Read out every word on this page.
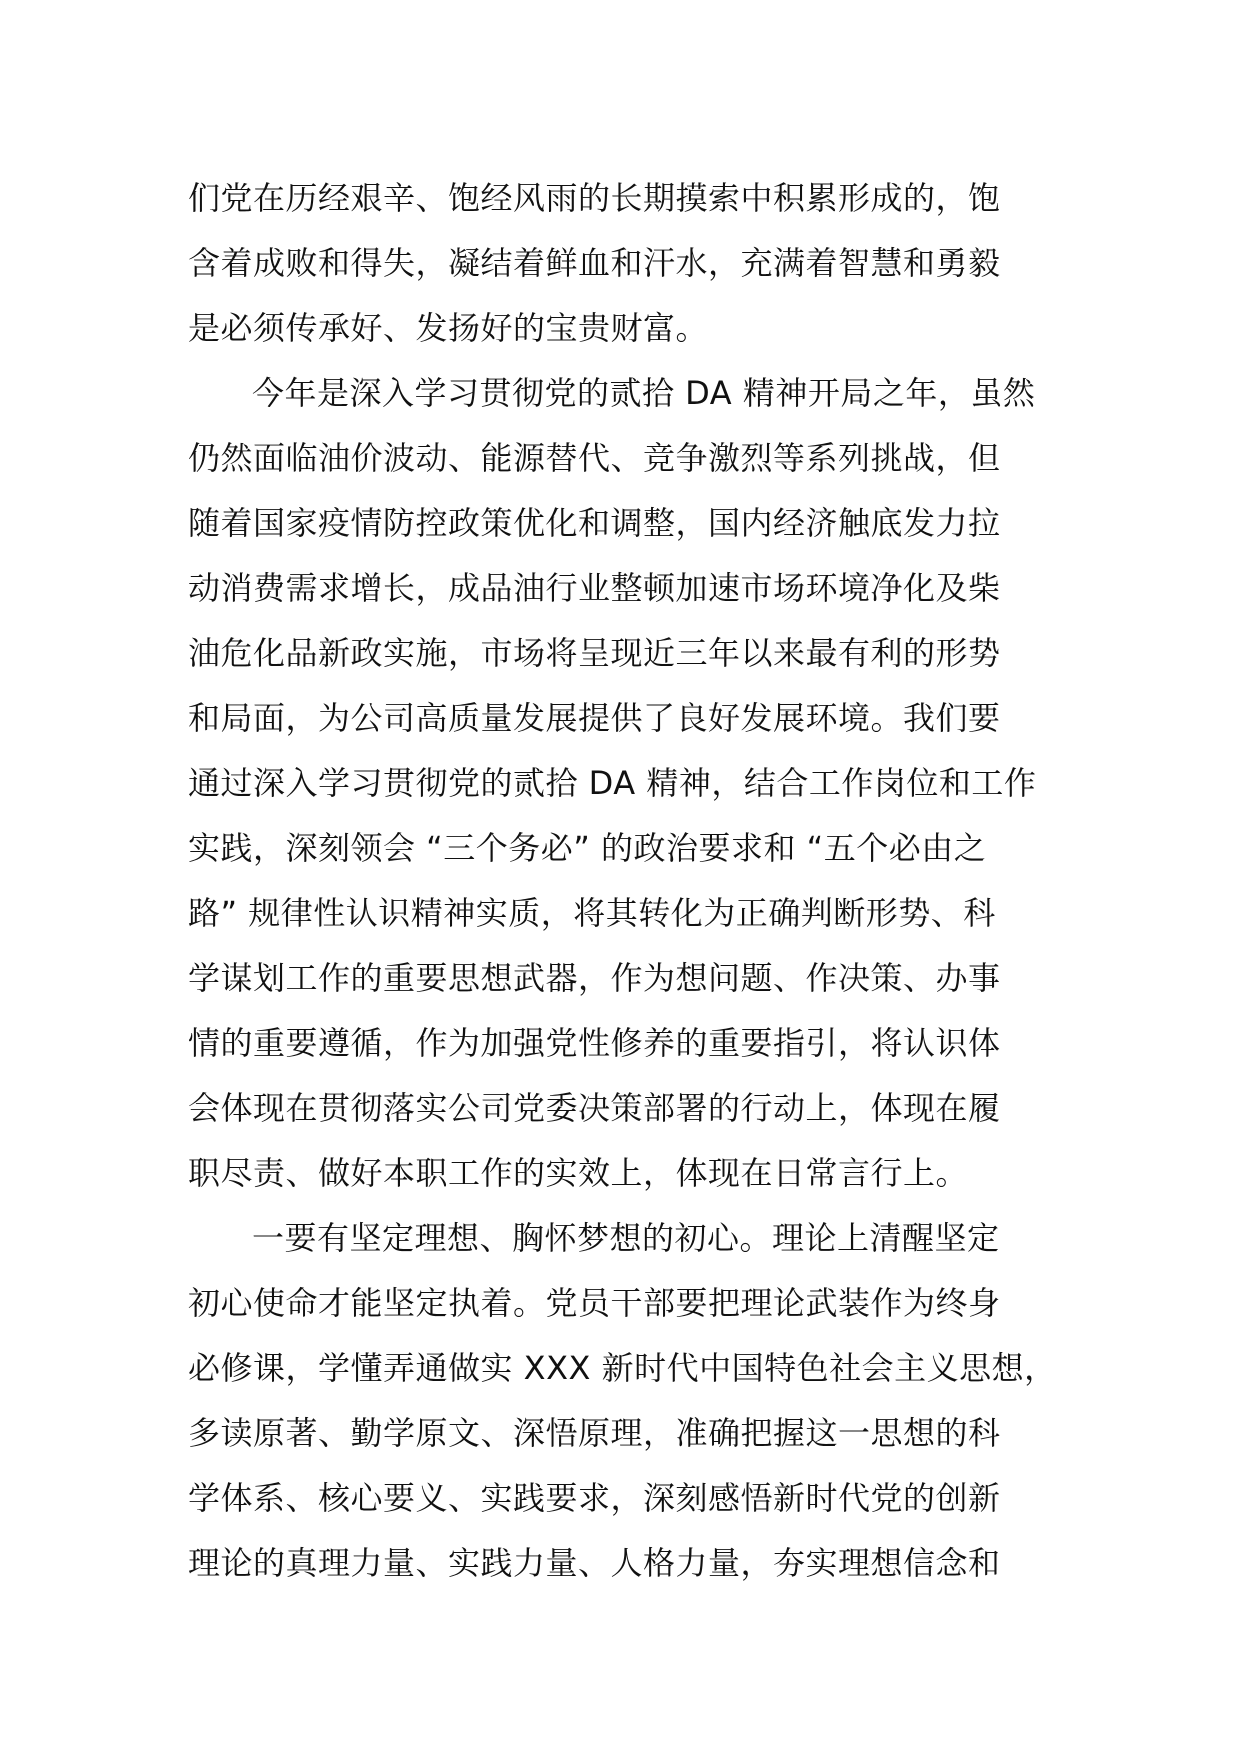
们党在历经艰辛、饱经风雨的长期摸索中积累形成的，饱
含着成败和得失，凝结着鲜血和汗水，充满着智慧和勇毅
是必须传承好、发扬好的宝贵财富。
今年是深入学习贯彻党的贰拾 DA 精神开局之年，虽然
仍然面临油价波动、能源替代、竞争激烈等系列挑战，但
随着国家疫情防控政策优化和调整，国内经济触底发力拉
动消费需求增长，成品油行业整顿加速市场环境净化及柴
油危化品新政实施，市场将呈现近三年以来最有利的形势
和局面，为公司高质量发展提供了良好发展环境。我们要
通过深入学习贯彻党的贰拾 DA 精神，结合工作岗位和工作
实践，深刻领会 “三个务必” 的政治要求和 “五个必由之
路” 规律性认识精神实质，将其转化为正确判断形势、科
学谋划工作的重要思想武器，作为想问题、作决策、办事
情的重要遵循，作为加强党性修养的重要指引，将认识体
会体现在贯彻落实公司党委决策部署的行动上，体现在履
职尽责、做好本职工作的实效上，体现在日常言行上。
一要有坚定理想、胸怀梦想的初心。理论上清醒坚定
初心使命才能坚定执着。党员干部要把理论武装作为终身
必修课，学懂弄通做实 XXX 新时代中国特色社会主义思想，
多读原著、勤学原文、深悟原理，准确把握这一思想的科
学体系、核心要义、实践要求，深刻感悟新时代党的创新
理论的真理力量、实践力量、人格力量，夯实理想信念和
